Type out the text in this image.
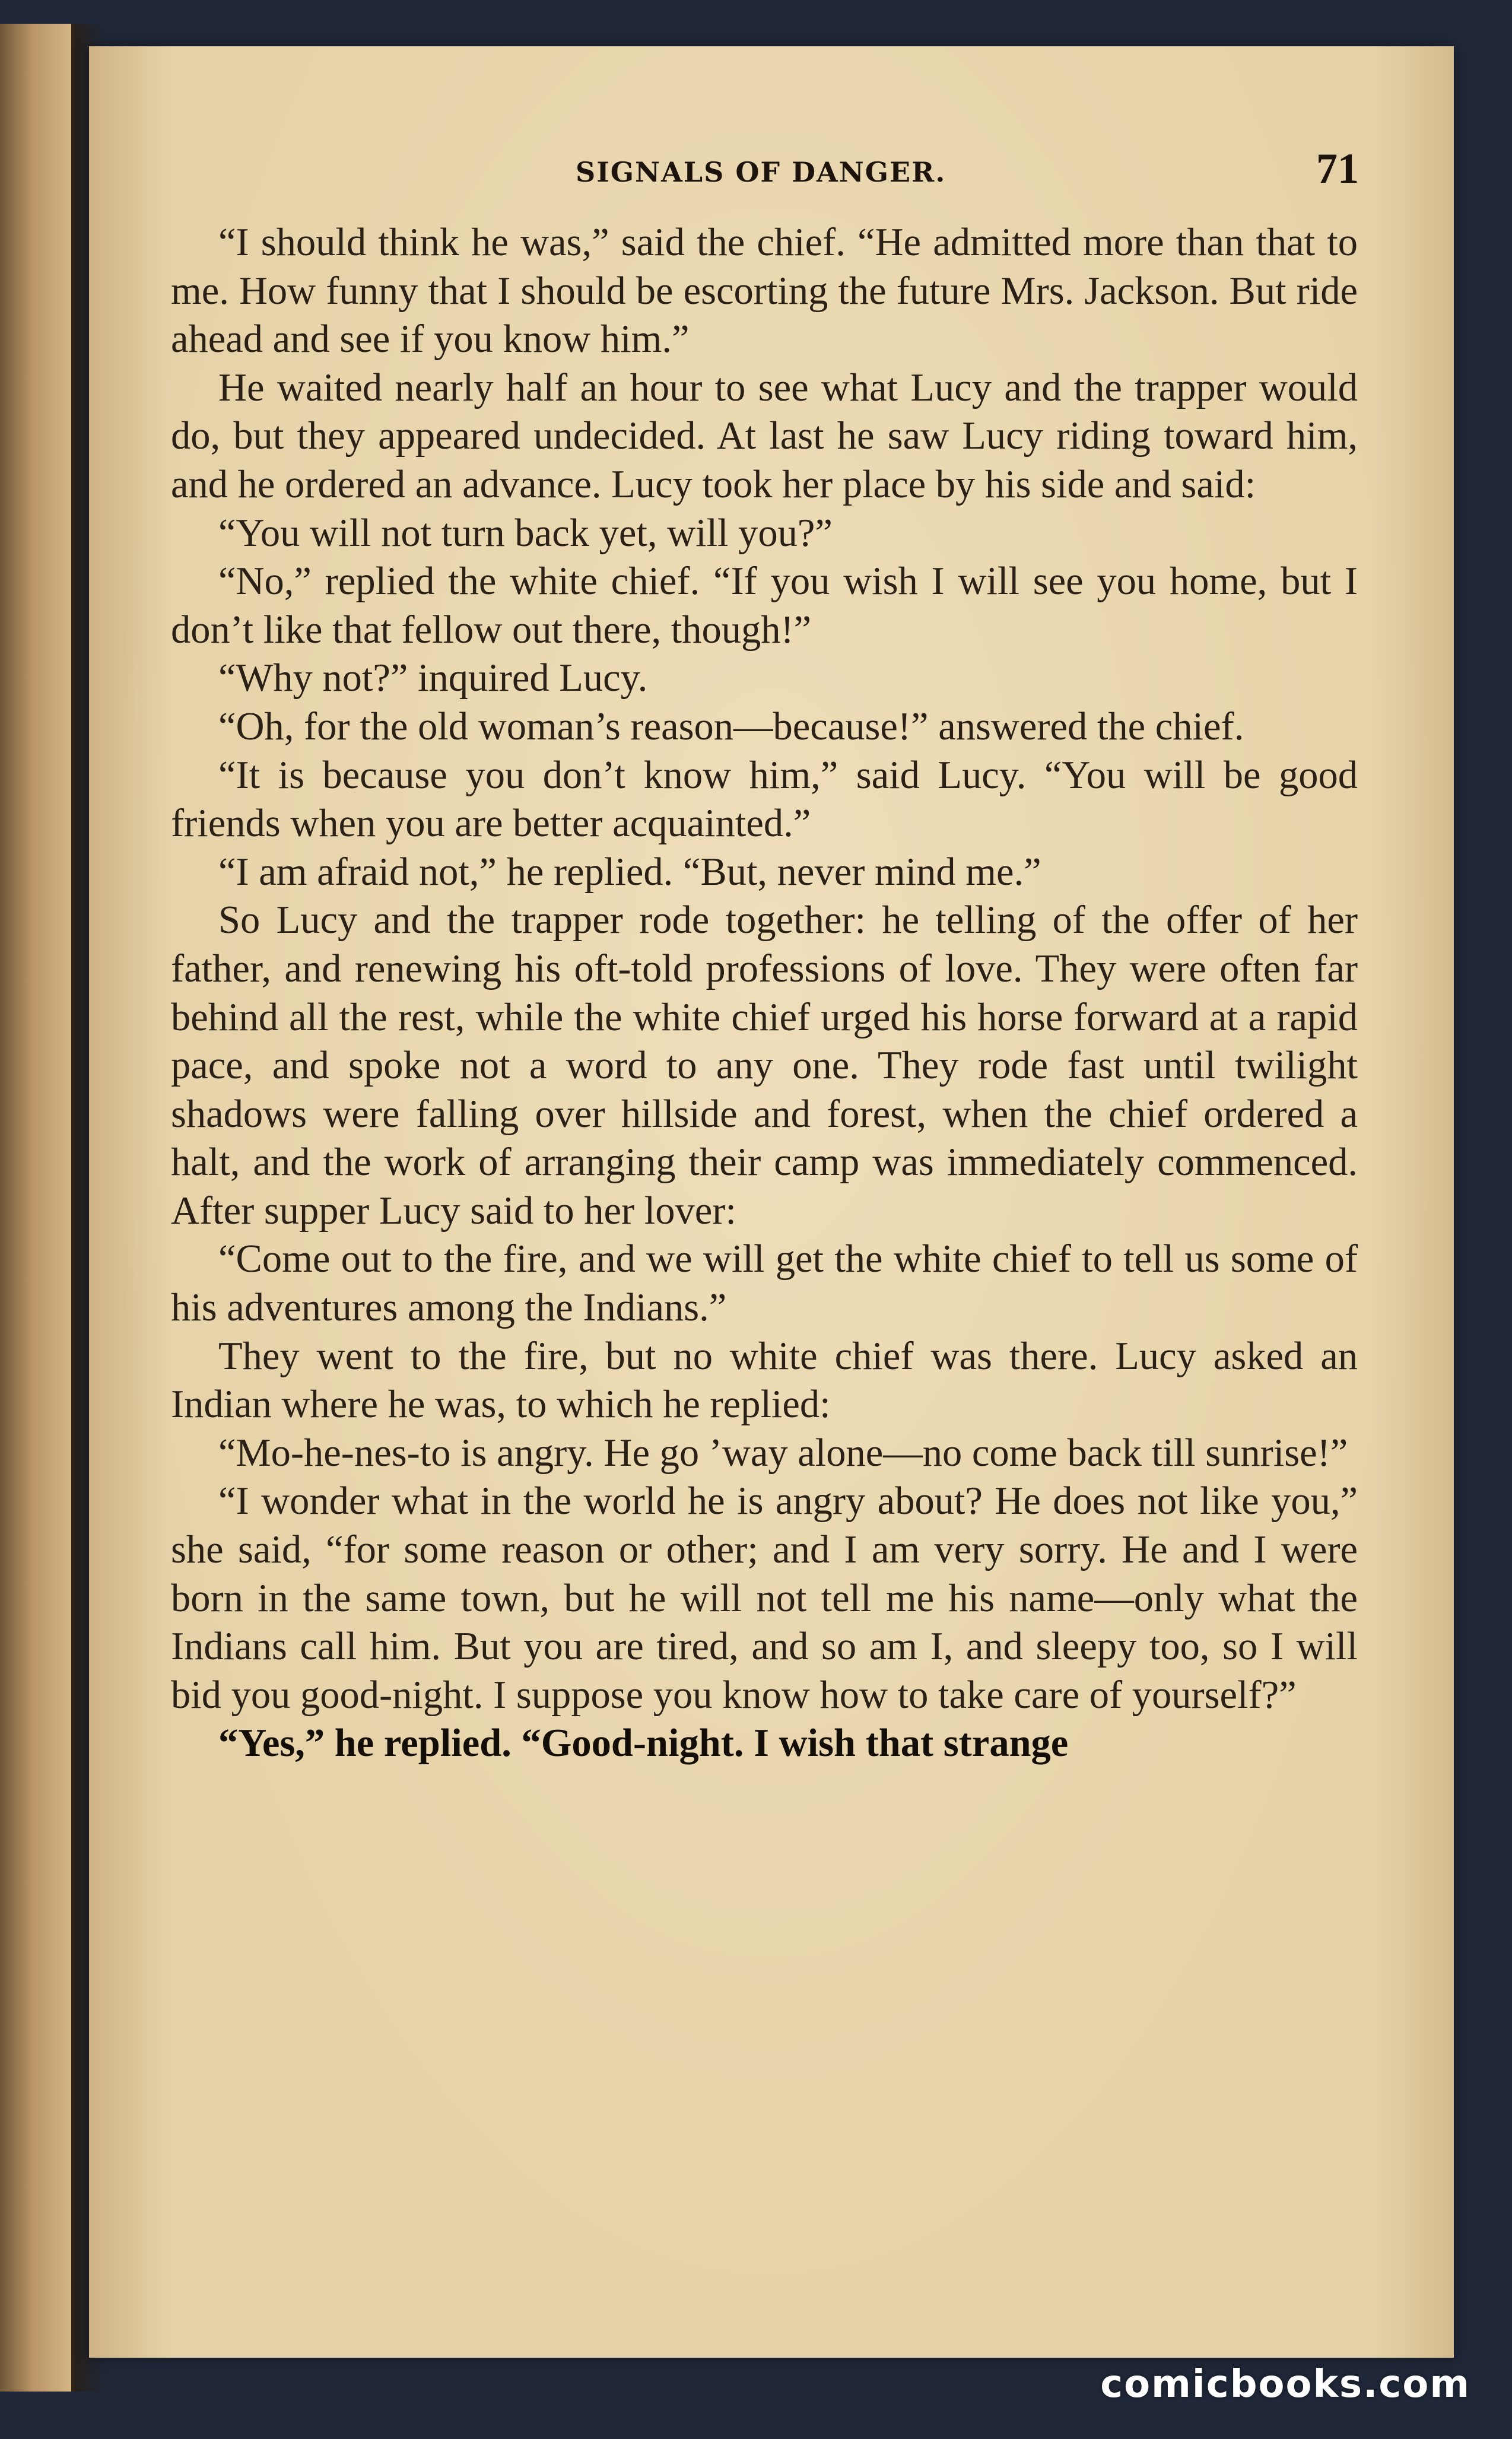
SIGNALS OF DANGER.	71

“I should think he was,” said the chief. “He admitted more than that to me. How funny that I should be escorting the future Mrs. Jackson. But ride ahead and see if you know him.”

He waited nearly half an hour to see what Lucy and the trapper would do, but they appeared undecided. At last he saw Lucy riding toward him, and he ordered an advance. Lucy took her place by his side and said:

“You will not turn back yet, will you?”

“No,” replied the white chief. “If you wish I will see you home, but I don’t like that fellow out there, though!”

“Why not?” inquired Lucy.

“Oh, for the old woman’s reason—because!” answered the chief.

“It is because you don’t know him,” said Lucy. “You will be good friends when you are better acquainted.”

“I am afraid not,” he replied. “But, never mind me.”

So Lucy and the trapper rode together: he telling of the offer of her father, and renewing his oft-told professions of love. They were often far behind all the rest, while the white chief urged his horse forward at a rapid pace, and spoke not a word to any one. They rode fast until twilight shadows were falling over hillside and forest, when the chief ordered a halt, and the work of arranging their camp was immediately commenced. After supper Lucy said to her lover:

“Come out to the fire, and we will get the white chief to tell us some of his adventures among the Indians.”

They went to the fire, but no white chief was there. Lucy asked an Indian where he was, to which he replied:

“Mo-he-nes-to is angry. He go ’way alone—no come back till sunrise!”

“I wonder what in the world he is angry about? He does not like you,” she said, “for some reason or other; and I am very sorry. He and I were born in the same town, but he will not tell me his name—only what the Indians call him. But you are tired, and so am I, and sleepy too, so I will bid you good-night. I suppose you know how to take care of yourself?”

“Yes,” he replied. “Good-night. I wish that strange

comicbooks.com
